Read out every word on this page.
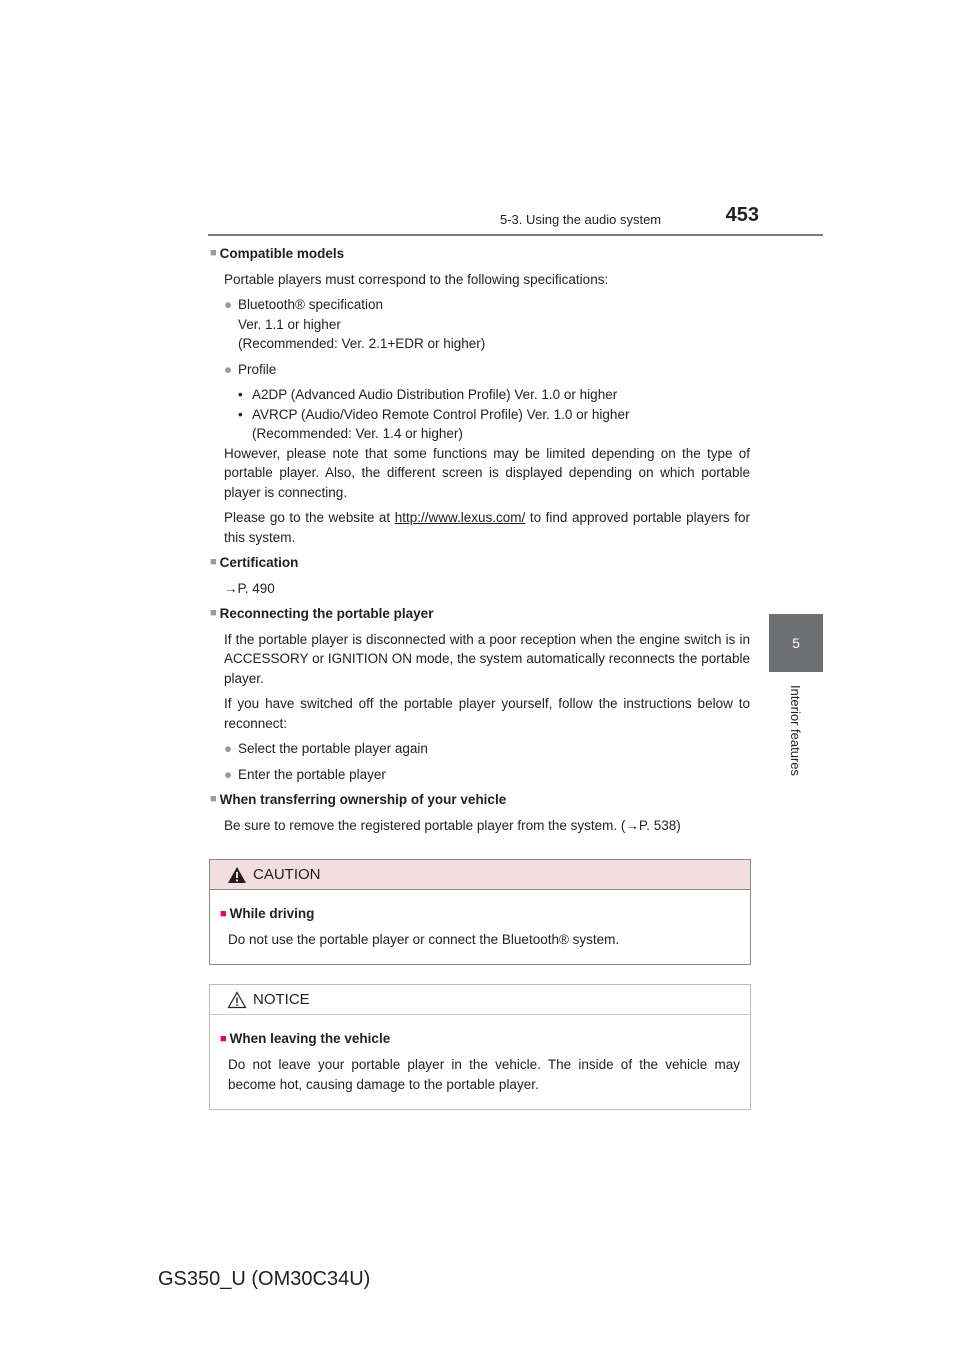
5-3. Using the audio system	453
5
Interior features
■ Compatible models
Portable players must correspond to the following specifications:
● Bluetooth® specification
Ver. 1.1 or higher
(Recommended: Ver. 2.1+EDR or higher)
● Profile
• A2DP (Advanced Audio Distribution Profile) Ver. 1.0 or higher
• AVRCP (Audio/Video Remote Control Profile) Ver. 1.0 or higher
(Recommended: Ver. 1.4 or higher)
However, please note that some functions may be limited depending on the type of portable player. Also, the different screen is displayed depending on which portable player is connecting.
Please go to the website at http://www.lexus.com/ to find approved portable players for this system.
■ Certification
→P. 490
■ Reconnecting the portable player
If the portable player is disconnected with a poor reception when the engine switch is in ACCESSORY or IGNITION ON mode, the system automatically reconnects the portable player.
If you have switched off the portable player yourself, follow the instructions below to reconnect:
● Select the portable player again
● Enter the portable player
■ When transferring ownership of your vehicle
Be sure to remove the registered portable player from the system. (→P. 538)
CAUTION
■ While driving
Do not use the portable player or connect the Bluetooth® system.
NOTICE
■ When leaving the vehicle
Do not leave your portable player in the vehicle. The inside of the vehicle may become hot, causing damage to the portable player.
GS350_U (OM30C34U)
